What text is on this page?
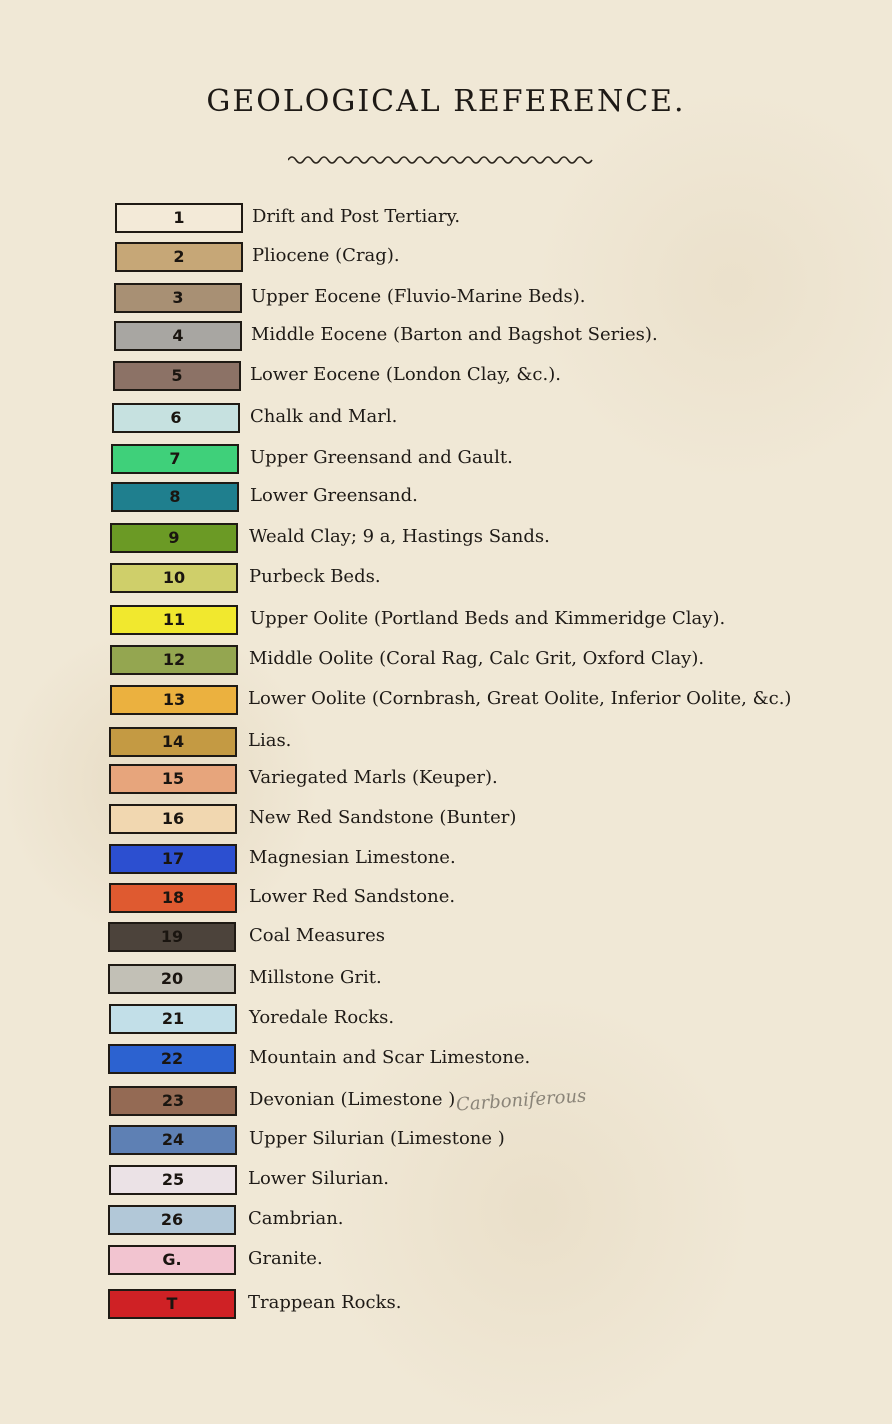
GEOLOGICAL REFERENCE.
1	Drift and Post Tertiary.
2	Pliocene (Crag).
3	Upper Eocene (Fluvio-Marine Beds).
4	Middle Eocene (Barton and Bagshot Series).
5	Lower Eocene (London Clay, &c.).
6	Chalk and Marl.
7	Upper Greensand and Gault.
8	Lower Greensand.
9	Weald Clay; 9 a, Hastings Sands.
10	Purbeck Beds.
11	Upper Oolite (Portland Beds and Kimmeridge Clay).
12	Middle Oolite (Coral Rag, Calc Grit, Oxford Clay).
13	Lower Oolite (Cornbrash, Great Oolite, Inferior Oolite, &c.)
14	Lias.
15	Variegated Marls (Keuper).
16	New Red Sandstone (Bunter)
17	Magnesian Limestone.
18	Lower Red Sandstone.
19	Coal Measures
20	Millstone Grit.
21	Yoredale Rocks.
22	Mountain and Scar Limestone.
23	Devonian (Limestone )
24	Upper Silurian (Limestone )
25	Lower Silurian.
26	Cambrian.
G.	Granite.
T	Trappean Rocks.
Carboniferous
